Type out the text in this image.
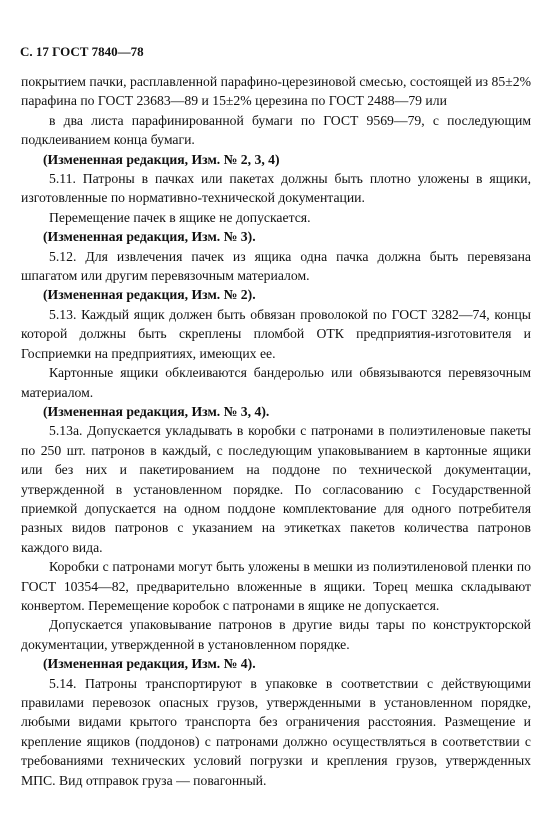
С. 17 ГОСТ 7840—78

покрытием пачки, расплавленной парафино-церезиновой смесью, состоящей из 85±2% парафина по ГОСТ 23683—89 и 15±2% церезина по ГОСТ 2488—79 или

в два листа парафинированной бумаги по ГОСТ 9569—79, с последующим подклеиванием конца бумаги.

(Измененная редакция, Изм. № 2, 3, 4)

5.11. Патроны в пачках или пакетах должны быть плотно уложены в ящики, изготовленные по нормативно-технической документации.

Перемещение пачек в ящике не допускается.

(Измененная редакция, Изм. № 3).

5.12. Для извлечения пачек из ящика одна пачка должна быть перевязана шпагатом или другим перевязочным материалом.

(Измененная редакция, Изм. № 2).

5.13. Каждый ящик должен быть обвязан проволокой по ГОСТ 3282—74, концы которой должны быть скреплены пломбой ОТК предприятия-изготовителя и Госприемки на предприятиях, имеющих ее.

Картонные ящики обклеиваются бандеролью или обвязываются перевязочным материалом.

(Измененная редакция, Изм. № 3, 4).

5.13а. Допускается укладывать в коробки с патронами в полиэтиленовые пакеты по 250 шт. патронов в каждый, с последующим упаковыванием в картонные ящики или без них и пакетированием на поддоне по технической документации, утвержденной в установленном порядке. По согласованию с Государственной приемкой допускается на одном поддоне комплектование для одного потребителя разных видов патронов с указанием на этикетках пакетов количества патронов каждого вида.

Коробки с патронами могут быть уложены в мешки из полиэтиленовой пленки по ГОСТ 10354—82, предварительно вложенные в ящики. Торец мешка складывают конвертом. Перемещение коробок с патронами в ящике не допускается.

Допускается упаковывание патронов в другие виды тары по конструкторской документации, утвержденной в установленном порядке.

(Измененная редакция, Изм. № 4).

5.14. Патроны транспортируют в упаковке в соответствии с действующими правилами перевозок опасных грузов, утвержденными в установленном порядке, любыми видами крытого транспорта без ограничения расстояния. Размещение и крепление ящиков (поддонов) с патронами должно осуществляться в соответствии с требованиями технических условий погрузки и крепления грузов, утвержденных МПС. Вид отправок груза — повагонный.
